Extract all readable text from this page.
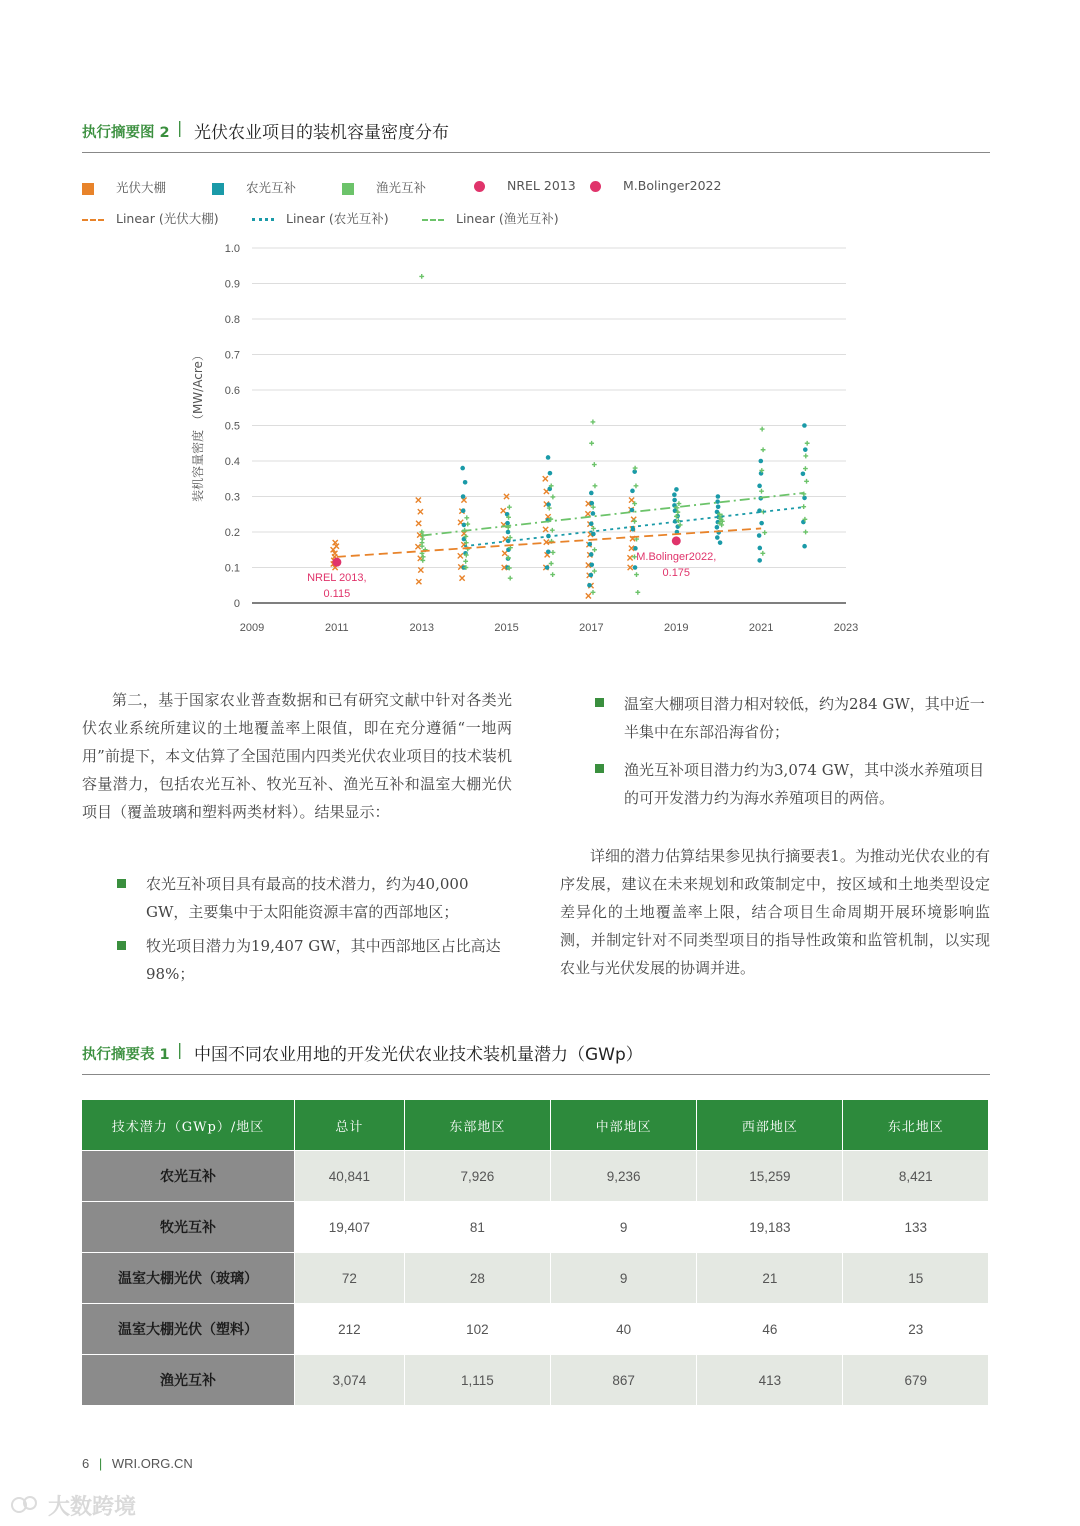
执行摘要图 2 | 光伏农业项目的装机容量密度分布
光伏大棚	农光互补	渔光互补	NREL 2013	M.Bolinger2022
Linear (光伏大棚)	Linear (农光互补)	Linear (渔光互补)
0
0.1
0.2
0.3
0.4
0.5
0.6
0.7
0.8
0.9
1.0
2009	2011	2013	2015	2017	2019	2021	2023
装机容量密度 （MW/Acre）
NREL 2013,
0.115
M.Bolinger2022,
0.175
第二，基于国家农业普查数据和已有研究文献中针对各类光伏农业系统所建议的土地覆盖率上限值，即在充分遵循“一地两用”前提下，本文估算了全国范围内四类光伏农业项目的技术装机容量潜力，包括农光互补、牧光互补、渔光互补和温室大棚光伏项目（覆盖玻璃和塑料两类材料）。结果显示：
农光互补项目具有最高的技术潜力，约为40,000 GW，主要集中于太阳能资源丰富的西部地区；
牧光项目潜力为19,407 GW，其中西部地区占比高达98%；
温室大棚项目潜力相对较低，约为284 GW，其中近一半集中在东部沿海省份；
渔光互补项目潜力约为3,074 GW，其中淡水养殖项目的可开发潜力约为海水养殖项目的两倍。
详细的潜力估算结果参见执行摘要表1。为推动光伏农业的有序发展，建议在未来规划和政策制定中，按区域和土地类型设定差异化的土地覆盖率上限，结合项目生命周期开展环境影响监测，并制定针对不同类型项目的指导性政策和监管机制，以实现农业与光伏发展的协调并进。
执行摘要表 1 | 中国不同农业用地的开发光伏农业技术装机量潜力（GWp）
技术潜力（GWp）/地区	总计	东部地区	中部地区	西部地区	东北地区
农光互补	40,841	7,926	9,236	15,259	8,421
牧光互补	19,407	81	9	19,183	133
温室大棚光伏（玻璃）	72	28	9	21	15
温室大棚光伏（塑料）	212	102	40	46	23
渔光互补	3,074	1,115	867	413	679
6 | WRI.ORG.CN
大数跨境
